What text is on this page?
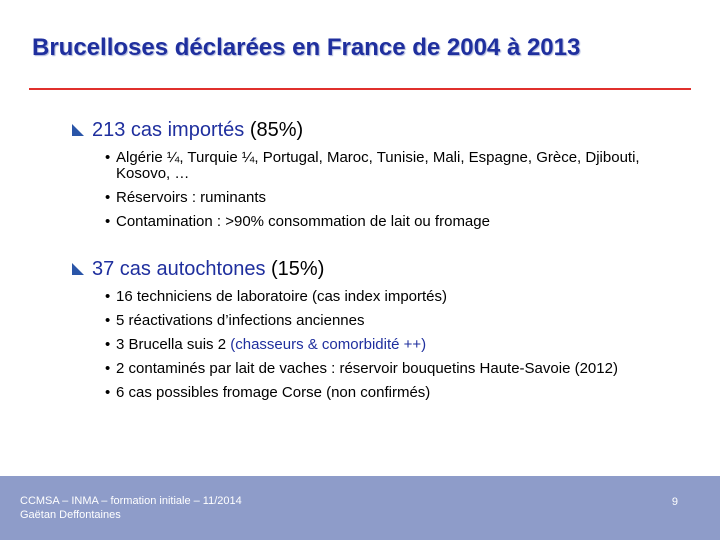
Brucelloses déclarées en France de 2004 à 2013
213 cas importés (85%)
• Algérie ¼, Turquie ¼, Portugal, Maroc, Tunisie, Mali, Espagne, Grèce, Djibouti, Kosovo, …
• Réservoirs : ruminants
• Contamination : >90% consommation de lait ou fromage
37 cas autochtones (15%)
• 16 techniciens de laboratoire (cas index importés)
• 5 réactivations d’infections anciennes
• 3 Brucella suis 2 (chasseurs & comorbidité ++)
• 2 contaminés par lait de vaches : réservoir bouquetins Haute-Savoie (2012)
• 6 cas possibles fromage Corse (non confirmés)
CCMSA – INMA – formation initiale – 11/2014
Gaëtan Deffontaines
9
